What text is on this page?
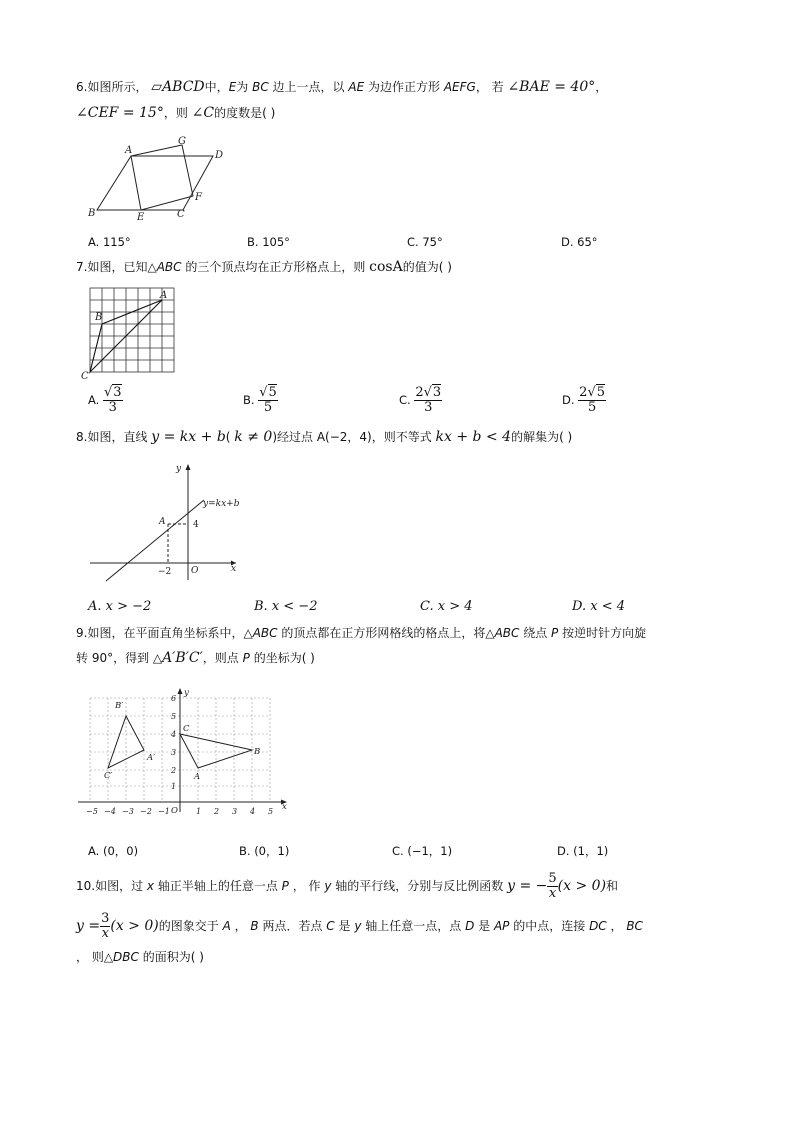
6.如图所示， ▱ABCD中，E为 BC 边上一点，以 AE 为边作正方形 AEFG， 若 ∠BAE = 40°，
∠CEF = 15°，则 ∠C的度数是( )
A
B	C
D
E
F
G
A. 115°	B. 105°	C. 75°	D. 65°
7.如图，已知△ABC 的三个顶点均在正方形格点上，则 cosA的值为( )
A
B
C
A. $\frac{√3}{3}$	B. $\frac{√5}{5}$	C. $\frac{2√3}{3}$	D. $\frac{2√5}{5}$
8.如图，直线 y = kx + b( k ≠ 0)经过点 A(−2，4)，则不等式 kx + b < 4的解集为( )
y
x
y=kx+b
A	4
−2 O
A. x > −2	B. x < −2	C. x > 4	D. x < 4
9.如图，在平面直角坐标系中，△ABC 的顶点都在正方形网格线的格点上，将△ABC 绕点 P 按逆时针方向旋
转 90°，得到 △A′B′C′，则点 P 的坐标为( )
y
x
O
A
B
C
A′
B′
C′
−5 −4 −3 −2 −1	1 2 3 4 5
1
2
3
4
5
6
A. (0，0)	B. (0，1)	C. (−1，1)	D. (1，1)
10.如图，过 x 轴正半轴上的任意一点 P ， 作 y 轴的平行线，分别与反比例函数 y = − $\frac{5}{x} (x > 0)$和
$y = \frac{3}{x} (x > 0)$的图象交于 A ， B 两点．若点 C 是 y 轴上任意一点，点 D 是 AP 的中点，连接 DC ， BC
， 则△DBC 的面积为( )
